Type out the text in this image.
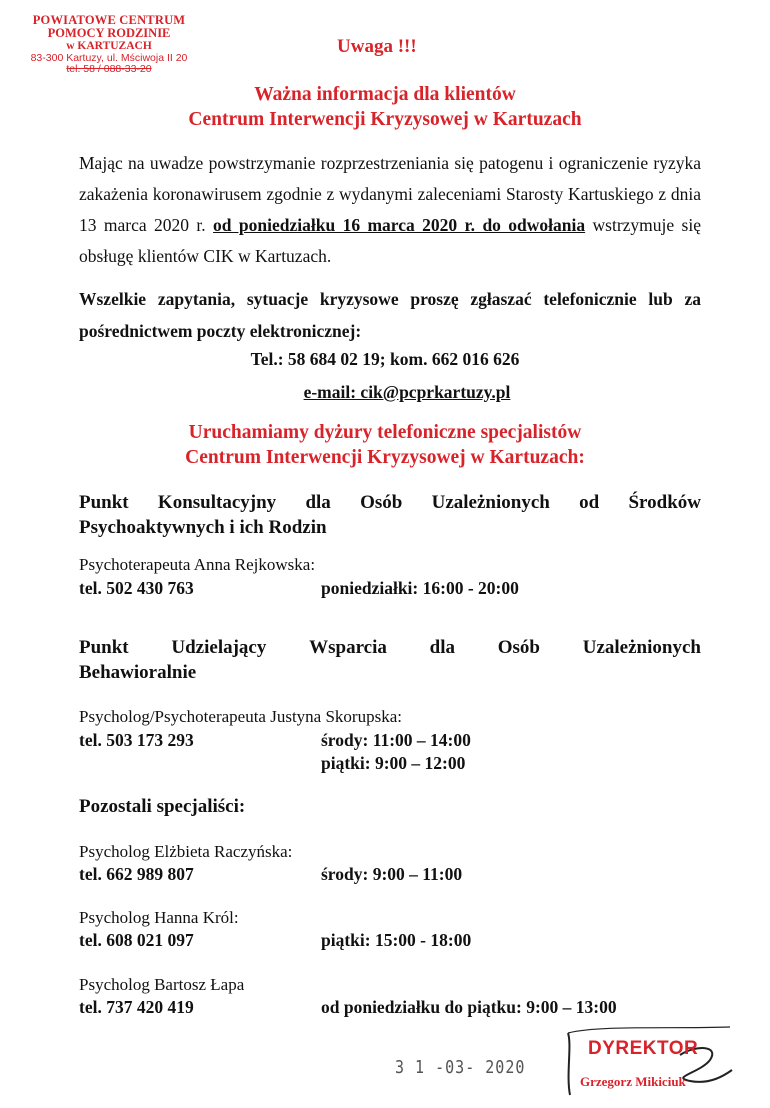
POWIATOWE CENTRUM
POMOCY RODZINIE
w KARTUZACH
83-300 Kartuzy, ul. Mściwoja II 20
tel. 58 / 088-33-20
Uwaga !!!
Ważna informacja dla klientów
Centrum Interwencji Kryzysowej w Kartuzach
Mając na uwadze powstrzymanie rozprzestrzeniania się patogenu i ograniczenie ryzyka zakażenia koronawirusem zgodnie z wydanymi zaleceniami Starosty Kartuskiego z dnia 13 marca 2020 r. od poniedziałku 16 marca 2020 r. do odwołania wstrzymuje się obsługę klientów CIK w Kartuzach.
Wszelkie zapytania, sytuacje kryzysowe proszę zgłaszać telefonicznie lub za pośrednictwem poczty elektronicznej:
Tel.: 58 684 02 19; kom. 662 016 626
e-mail: cik@pcprkartuzy.pl
Uruchamiamy dyżury telefoniczne specjalistów
Centrum Interwencji Kryzysowej w Kartuzach:
Punkt Konsultacyjny dla Osób Uzależnionych od Środków
Psychoaktywnych i ich Rodzin
Psychoterapeuta Anna Rejkowska:
tel. 502 430 763	poniedziałki: 16:00 - 20:00
Punkt Udzielający Wsparcia dla Osób Uzależnionych
Behawioralnie
Psycholog/Psychoterapeuta Justyna Skorupska:
tel. 503 173 293	środy: 11:00 – 14:00
piątki: 9:00 – 12:00
Pozostali specjaliści:
Psycholog Elżbieta Raczyńska:
tel. 662 989 807	środy: 9:00 – 11:00
Psycholog Hanna Król:
tel. 608 021 097	piątki: 15:00 - 18:00
Psycholog Bartosz Łapa
tel. 737 420 419	od poniedziałku do piątku: 9:00 – 13:00
3 1 -03- 2020
DYREKTOR
Grzegorz Mikiciuk
